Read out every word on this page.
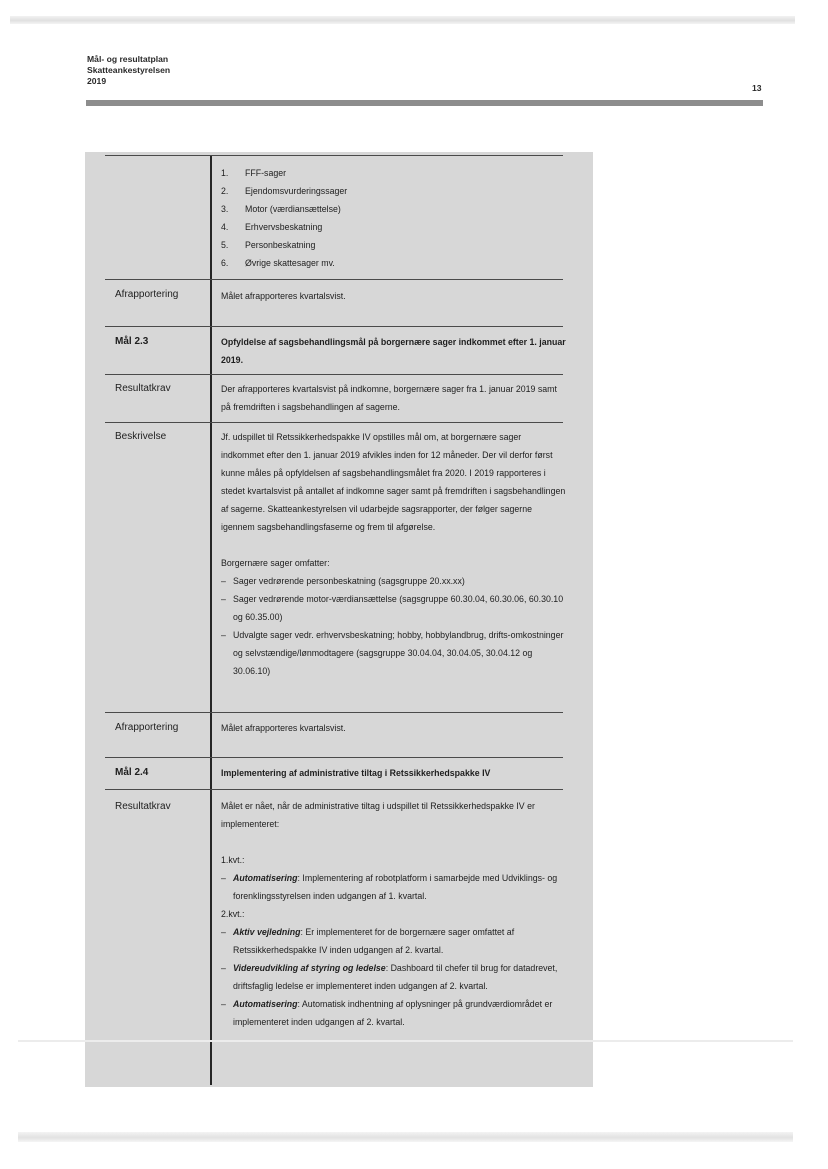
Mål- og resultatplan
Skatteankestyrelsen
2019
13
1. FFF-sager
2. Ejendomsvurderingssager
3. Motor (værdiansættelse)
4. Erhvervsbeskatning
5. Personbeskatning
6. Øvrige skattesager mv.
Afrapportering	Målet afrapporteres kvartalsvist.
Mål 2.3	Opfyldelse af sagsbehandlingsmål på borgernære sager indkommet efter 1. januar 2019.
Resultatkrav	Der afrapporteres kvartalsvist på indkomne, borgernære sager fra 1. januar 2019 samt på fremdriften i sagsbehandlingen af sagerne.
Beskrivelse	Jf. udspillet til Retssikkerhedspakke IV opstilles mål om, at borgernære sager indkommet efter den 1. januar 2019 afvikles inden for 12 måneder. Der vil derfor først kunne måles på opfyldelsen af sagsbehandlingsmålet fra 2020. I 2019 rapporteres i stedet kvartalsvist på antallet af indkomne sager samt på fremdriften i sagsbehandlingen af sagerne. Skatteankestyrelsen vil udarbejde sagsrapporter, der følger sagerne igennem sagsbehandlingsfaserne og frem til afgørelse.
Borgernære sager omfatter:
– Sager vedrørende personbeskatning (sagsgruppe 20.xx.xx)
– Sager vedrørende motor-værdiansættelse (sagsgruppe 60.30.04, 60.30.06, 60.30.10 og 60.35.00)
– Udvalgte sager vedr. erhvervsbeskatning; hobby, hobbylandbrug, drifts-omkostninger og selvstændige/lønmodtagere (sagsgruppe 30.04.04, 30.04.05, 30.04.12 og 30.06.10)
Afrapportering	Målet afrapporteres kvartalsvist.
Mål 2.4	Implementering af administrative tiltag i Retssikkerhedspakke IV
Resultatkrav	Målet er nået, når de administrative tiltag i udspillet til Retssikkerhedspakke IV er implementeret:
1.kvt.:
– Automatisering: Implementering af robotplatform i samarbejde med Udviklings- og forenklingsstyrelsen inden udgangen af 1. kvartal.
2.kvt.:
– Aktiv vejledning: Er implementeret for de borgernære sager omfattet af Retssikkerhedspakke IV inden udgangen af 2. kvartal.
– Videreudvikling af styring og ledelse: Dashboard til chefer til brug for datadrevet, driftsfaglig ledelse er implementeret inden udgangen af 2. kvartal.
– Automatisering: Automatisk indhentning af oplysninger på grundværdiområdet er implementeret inden udgangen af 2. kvartal.
